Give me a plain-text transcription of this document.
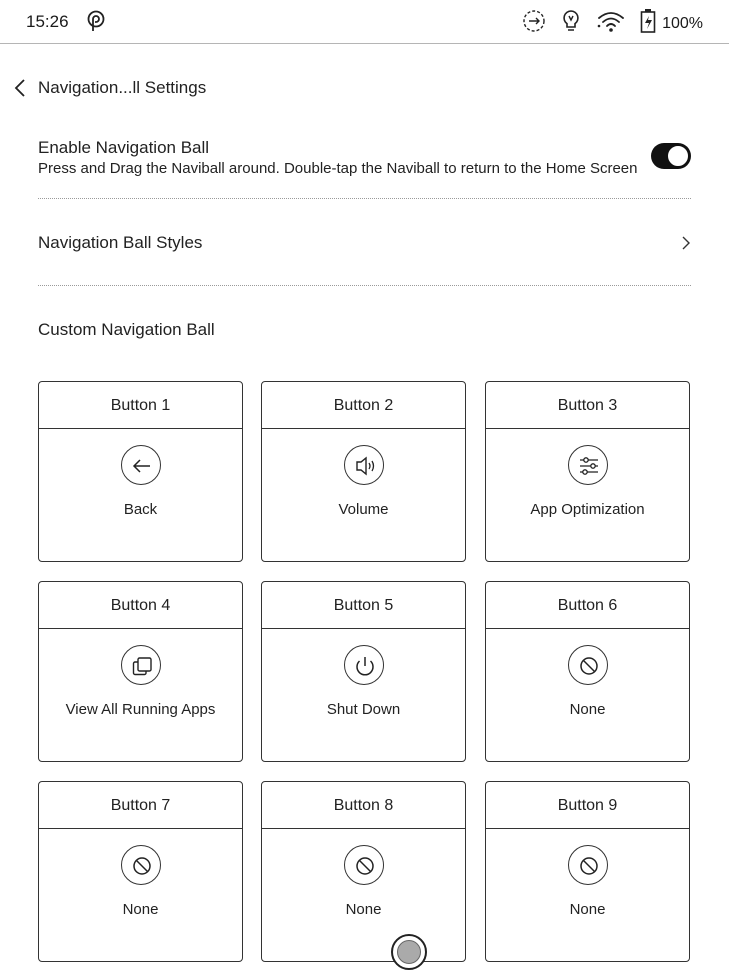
15:26	100%
Navigation...ll Settings
Enable Navigation Ball
Press and Drag the Naviball around. Double-tap the Naviball to return to the Home Screen
Navigation Ball Styles
Custom Navigation Ball
Button 1
Back
Button 2
Volume
Button 3
App Optimization
Button 4
View All Running Apps
Button 5
Shut Down
Button 6
None
Button 7
None
Button 8
None
Button 9
None
